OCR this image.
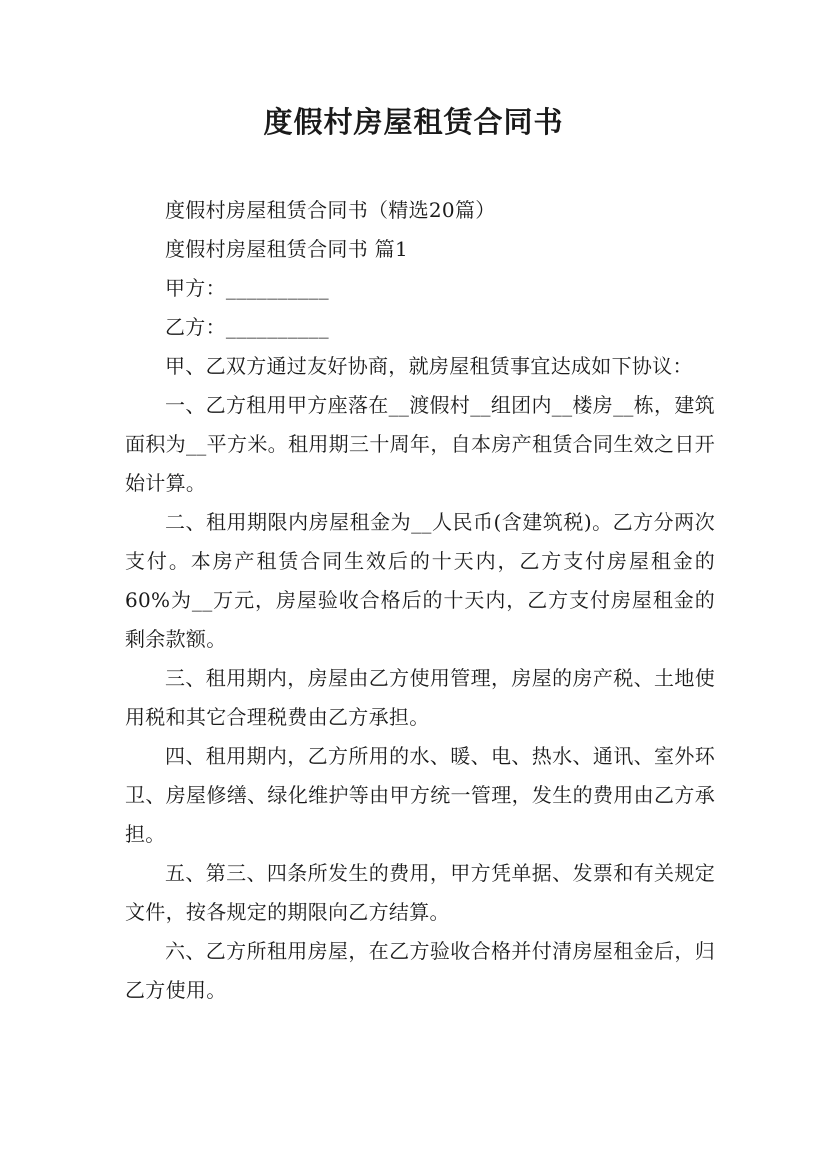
度假村房屋租赁合同书

度假村房屋租赁合同书（精选20篇）

度假村房屋租赁合同书 篇1

甲方：__________

乙方：__________

甲、乙双方通过友好协商，就房屋租赁事宜达成如下协议：

一、乙方租用甲方座落在__渡假村__组团内__楼房__栋，建筑面积为__平方米。租用期三十周年，自本房产租赁合同生效之日开始计算。

二、租用期限内房屋租金为__人民币(含建筑税)。乙方分两次支付。本房产租赁合同生效后的十天内，乙方支付房屋租金的60%为__万元，房屋验收合格后的十天内，乙方支付房屋租金的剩余款额。

三、租用期内，房屋由乙方使用管理，房屋的房产税、土地使用税和其它合理税费由乙方承担。

四、租用期内，乙方所用的水、暖、电、热水、通讯、室外环卫、房屋修缮、绿化维护等由甲方统一管理，发生的费用由乙方承担。

五、第三、四条所发生的费用，甲方凭单据、发票和有关规定文件，按各规定的期限向乙方结算。

六、乙方所租用房屋，在乙方验收合格并付清房屋租金后，归乙方使用。
